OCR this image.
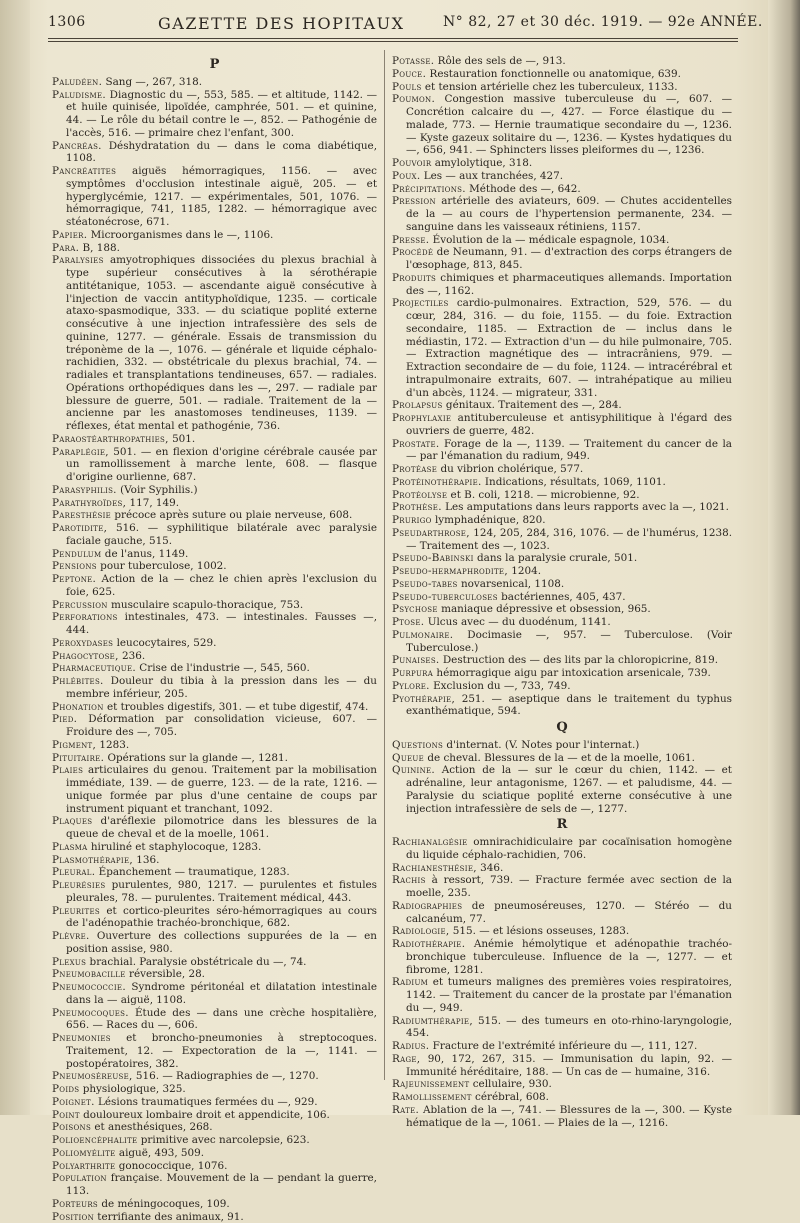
1306	GAZETTE DES HOPITAUX	N° 82, 27 et 30 déc. 1919. — 92e ANNÉE.
P
Paludéen. Sang —, 267, 318.
Paludisme. Diagnostic du —, 553, 585. — et altitude, 1142. — et huile quinisée, lipoïdée, camphrée, 501. — et quinine, 44. — Le rôle du bétail contre le —, 852. — Pathogénie de l'accès, 516. — primaire chez l'enfant, 300.
Pancréas. Déshydratation du — dans le coma diabétique, 1108.
Pancréatites aiguës hémorragiques, 1156. — avec symptômes d'occlusion intestinale aiguë, 205. — et hyperglycémie, 1217. — expérimentales, 501, 1076. — hémorragique, 741, 1185, 1282. — hémorragique avec stéatonécrose, 671.
Papier. Microorganismes dans le —, 1106.
Para. B, 188.
Paralysies amyotrophiques dissociées du plexus brachial à type supérieur consécutives à la sérothérapie antitétanique, 1053. — ascendante aiguë consécutive à l'injection de vaccin antityphoïdique, 1235. — corticale ataxo-spasmodique, 333. — du sciatique poplité externe consécutive à une injection intrafessière des sels de quinine, 1277. — générale. Essais de transmission du tréponème de la —, 1076. — générale et liquide céphalo-rachidien, 332. — obstétricale du plexus brachial, 74. — radiales et transplantations tendineuses, 657. — radiales. Opérations orthopédiques dans les —, 297. — radiale par blessure de guerre, 501. — radiale. Traitement de la — ancienne par les anastomoses tendineuses, 1139. — réflexes, état mental et pathogénie, 736.
Paraostéarthropathies, 501.
Paraplégie, 501. — en flexion d'origine cérébrale causée par un ramollissement à marche lente, 608. — flasque d'origine ourlienne, 687.
Parasyphilis. (Voir Syphilis.)
Parathyroïdes, 117, 149.
Paresthésie précoce après suture ou plaie nerveuse, 608.
Parotidite, 516. — syphilitique bilatérale avec paralysie faciale gauche, 515.
Pendulum de l'anus, 1149.
Pensions pour tuberculose, 1002.
Peptone. Action de la — chez le chien après l'exclusion du foie, 625.
Percussion musculaire scapulo-thoracique, 753.
Perforations intestinales, 473. — intestinales. Fausses —, 444.
Peroxydases leucocytaires, 529.
Phagocytose, 236.
Pharmaceutique. Crise de l'industrie —, 545, 560.
Phlébites. Douleur du tibia à la pression dans les — du membre inférieur, 205.
Phonation et troubles digestifs, 301. — et tube digestif, 474.
Pied. Déformation par consolidation vicieuse, 607. — Froidure des —, 705.
Pigment, 1283.
Pituitaire. Opérations sur la glande —, 1281.
Plaies articulaires du genou. Traitement par la mobilisation immédiate, 139. — de guerre, 123. — de la rate, 1216. — unique formée par plus d'une centaine de coups par instrument piquant et tranchant, 1092.
Plaques d'aréflexie pilomotrice dans les blessures de la queue de cheval et de la moelle, 1061.
Plasma hiruliné et staphylocoque, 1283.
Plasmothérapie, 136.
Pleural. Épanchement — traumatique, 1283.
Pleurésies purulentes, 980, 1217. — purulentes et fistules pleurales, 78. — purulentes. Traitement médical, 443.
Pleurites et cortico-pleurites séro-hémorragiques au cours de l'adénopathie trachéo-bronchique, 682.
Plèvre. Ouverture des collections suppurées de la — en position assise, 980.
Plexus brachial. Paralysie obstétricale du —, 74.
Pneumobacille réversible, 28.
Pneumococcie. Syndrome péritonéal et dilatation intestinale dans la — aiguë, 1108.
Pneumocoques. Étude des — dans une crèche hospitalière, 656. — Races du —, 606.
Pneumonies et broncho-pneumonies à streptocoques. Traitement, 12. — Expectoration de la —, 1141. — postopératoires, 382.
Pneumoséreuse, 516. — Radiographies de —, 1270.
Poids physiologique, 325.
Poignet. Lésions traumatiques fermées du —, 929.
Point douloureux lombaire droit et appendicite, 106.
Poisons et anesthésiques, 268.
Polioencéphalite primitive avec narcolepsie, 623.
Poliomyélite aiguë, 493, 509.
Polyarthrite gonococcique, 1076.
Population française. Mouvement de la — pendant la guerre, 113.
Porteurs de méningocoques, 109.
Position terrifiante des animaux, 91.
Potasse. Rôle des sels de —, 913.
Pouce. Restauration fonctionnelle ou anatomique, 639.
Pouls et tension artérielle chez les tuberculeux, 1133.
Poumon. Congestion massive tuberculeuse du —, 607. — Concrétion calcaire du —, 427. — Force élastique du — malade, 773. — Hernie traumatique secondaire du —, 1236. — Kyste gazeux solitaire du —, 1236. — Kystes hydatiques du —, 656, 941. — Sphincters lisses pleiformes du —, 1236.
Pouvoir amylolytique, 318.
Poux. Les — aux tranchées, 427.
Précipitations. Méthode des —, 642.
Pression artérielle des aviateurs, 609. — Chutes accidentelles de la — au cours de l'hypertension permanente, 234. — sanguine dans les vaisseaux rétiniens, 1157.
Presse. Évolution de la — médicale espagnole, 1034.
Procédé de Neumann, 91. — d'extraction des corps étrangers de l'œsophage, 813, 845.
Produits chimiques et pharmaceutiques allemands. Importation des —, 1162.
Projectiles cardio-pulmonaires. Extraction, 529, 576. — du cœur, 284, 316. — du foie, 1155. — du foie. Extraction secondaire, 1185. — Extraction de — inclus dans le médiastin, 172. — Extraction d'un — du hile pulmonaire, 705. — Extraction magnétique des — intracrâniens, 979. — Extraction secondaire de — du foie, 1124. — intracérébral et intrapulmonaire extraits, 607. — intrahépatique au milieu d'un abcès, 1124. — migrateur, 331.
Prolapsus génitaux. Traitement des —, 284.
Prophylaxie antituberculeuse et antisyphilitique à l'égard des ouvriers de guerre, 482.
Prostate. Forage de la —, 1139. — Traitement du cancer de la — par l'émanation du radium, 949.
Protéase du vibrion cholérique, 577.
Protéinothérapie. Indications, résultats, 1069, 1101.
Protéolyse et B. coli, 1218. — microbienne, 92.
Prothèse. Les amputations dans leurs rapports avec la —, 1021.
Prurigo lymphadénique, 820.
Pseudarthrose, 124, 205, 284, 316, 1076. — de l'humérus, 1238. — Traitement des —, 1023.
Pseudo-Babinski dans la paralysie crurale, 501.
Pseudo-hermaphrodite, 1204.
Pseudo-tabes novarsenical, 1108.
Pseudo-tuberculoses bactériennes, 405, 437.
Psychose maniaque dépressive et obsession, 965.
Ptose. Ulcus avec — du duodénum, 1141.
Pulmonaire. Docimasie —, 957. — Tuberculose. (Voir Tuberculose.)
Punaises. Destruction des — des lits par la chloropicrine, 819.
Purpura hémorragique aigu par intoxication arsenicale, 739.
Pylore. Exclusion du —, 733, 749.
Pyothérapie, 251. — aseptique dans le traitement du typhus exanthématique, 594.
Q
Questions d'internat. (V. Notes pour l'internat.)
Queue de cheval. Blessures de la — et de la moelle, 1061.
Quinine. Action de la — sur le cœur du chien, 1142. — et adrénaline, leur antagonisme, 1267. — et paludisme, 44. — Paralysie du sciatique poplité externe consécutive à une injection intrafessière de sels de —, 1277.
R
Rachianalgésie omnirachidiculaire par cocaïnisation homogène du liquide céphalo-rachidien, 706.
Rachianesthésie, 346.
Rachis à ressort, 739. — Fracture fermée avec section de la moelle, 235.
Radiographies de pneumoséreuses, 1270. — Stéréo — du calcanéum, 77.
Radiologie, 515. — et lésions osseuses, 1283.
Radiothérapie. Anémie hémolytique et adénopathie trachéo-bronchique tuberculeuse. Influence de la —, 1277. — et fibrome, 1281.
Radium et tumeurs malignes des premières voies respiratoires, 1142. — Traitement du cancer de la prostate par l'émanation du —, 949.
Radiumthérapie, 515. — des tumeurs en oto-rhino-laryngologie, 454.
Radius. Fracture de l'extrémité inférieure du —, 111, 127.
Rage, 90, 172, 267, 315. — Immunisation du lapin, 92. — Immunité héréditaire, 188. — Un cas de — humaine, 316.
Rajeunissement cellulaire, 930.
Ramollissement cérébral, 608.
Rate. Ablation de la —, 741. — Blessures de la —, 300. — Kyste hématique de la —, 1061. — Plaies de la —, 1216.
